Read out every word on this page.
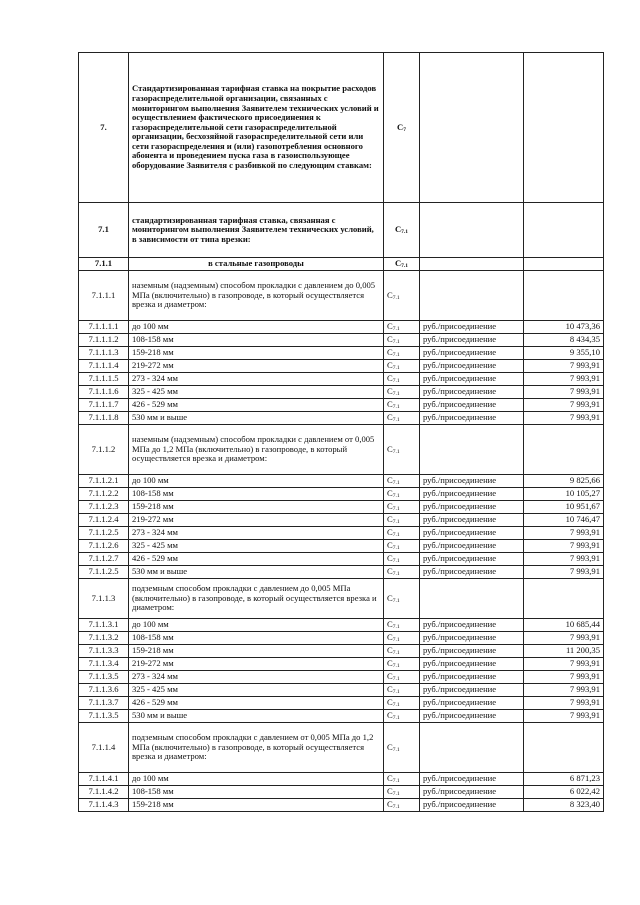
7.	Стандартизированная тарифная ставка на покрытие расходов газораспределительной организации, связанных с мониторингом выполнения Заявителем технических условий и осуществлением фактического присоединения к газораспределительной сети газораспределительной организации, бесхозяйной газораспределительной сети или сети газораспределения и (или) газопотребления основного абонента и проведением пуска газа в газоиспользующее оборудование Заявителя с разбивкой по следующим ставкам:	$С_7$		
7.1	стандартизированная тарифная ставка, связанная с мониторингом выполнения Заявителем технических условий, в зависимости от типа врезки:	$С_{7.1}$		
7.1.1	в стальные газопроводы	$С_{7.1}$		
7.1.1.1	наземным (надземным) способом прокладки с давлением до 0,005 МПа (включительно) в газопроводе, в который осуществляется врезка и диаметром:	$С_{7.1}$		
7.1.1.1.1	до 100 мм	$С_{7.1}$	руб./присоединение	10 473,36
7.1.1.1.2	108-158 мм	$С_{7.1}$	руб./присоединение	8 434,35
7.1.1.1.3	159-218 мм	$С_{7.1}$	руб./присоединение	9 355,10
7.1.1.1.4	219-272 мм	$С_{7.1}$	руб./присоединение	7 993,91
7.1.1.1.5	273 - 324 мм	$С_{7.1}$	руб./присоединение	7 993,91
7.1.1.1.6	325 - 425 мм	$С_{7.1}$	руб./присоединение	7 993,91
7.1.1.1.7	426 - 529 мм	$С_{7.1}$	руб./присоединение	7 993,91
7.1.1.1.8	530 мм и выше	$С_{7.1}$	руб./присоединение	7 993,91
7.1.1.2	наземным (надземным) способом прокладки с давлением от 0,005 МПа до 1,2 МПа (включительно) в газопроводе, в который осуществляется врезка и диаметром:	$С_{7.1}$		
7.1.1.2.1	до 100 мм	$С_{7.1}$	руб./присоединение	9 825,66
7.1.1.2.2	108-158 мм	$С_{7.1}$	руб./присоединение	10 105,27
7.1.1.2.3	159-218 мм	$С_{7.1}$	руб./присоединение	10 951,67
7.1.1.2.4	219-272 мм	$С_{7.1}$	руб./присоединение	10 746,47
7.1.1.2.5	273 - 324 мм	$С_{7.1}$	руб./присоединение	7 993,91
7.1.1.2.6	325 - 425 мм	$С_{7.1}$	руб./присоединение	7 993,91
7.1.1.2.7	426 - 529 мм	$С_{7.1}$	руб./присоединение	7 993,91
7.1.1.2.5	530 мм и выше	$С_{7.1}$	руб./присоединение	7 993,91
7.1.1.3	подземным способом прокладки с давлением до 0,005 МПа (включительно) в газопроводе, в который осуществляется врезка и диаметром:	$С_{7.1}$		
7.1.1.3.1	до 100 мм	$С_{7.1}$	руб./присоединение	10 685,44
7.1.1.3.2	108-158 мм	$С_{7.1}$	руб./присоединение	7 993,91
7.1.1.3.3	159-218 мм	$С_{7.1}$	руб./присоединение	11 200,35
7.1.1.3.4	219-272 мм	$С_{7.1}$	руб./присоединение	7 993,91
7.1.1.3.5	273 - 324 мм	$С_{7.1}$	руб./присоединение	7 993,91
7.1.1.3.6	325 - 425 мм	$С_{7.1}$	руб./присоединение	7 993,91
7.1.1.3.7	426 - 529 мм	$С_{7.1}$	руб./присоединение	7 993,91
7.1.1.3.5	530 мм и выше	$С_{7.1}$	руб./присоединение	7 993,91
7.1.1.4	подземным способом прокладки с давлением от 0,005 МПа до 1,2 МПа (включительно) в газопроводе, в который осуществляется врезка и диаметром:	$С_{7.1}$		
7.1.1.4.1	до 100 мм	$С_{7.1}$	руб./присоединение	6 871,23
7.1.1.4.2	108-158 мм	$С_{7.1}$	руб./присоединение	6 022,42
7.1.1.4.3	159-218 мм	$С_{7.1}$	руб./присоединение	8 323,40
